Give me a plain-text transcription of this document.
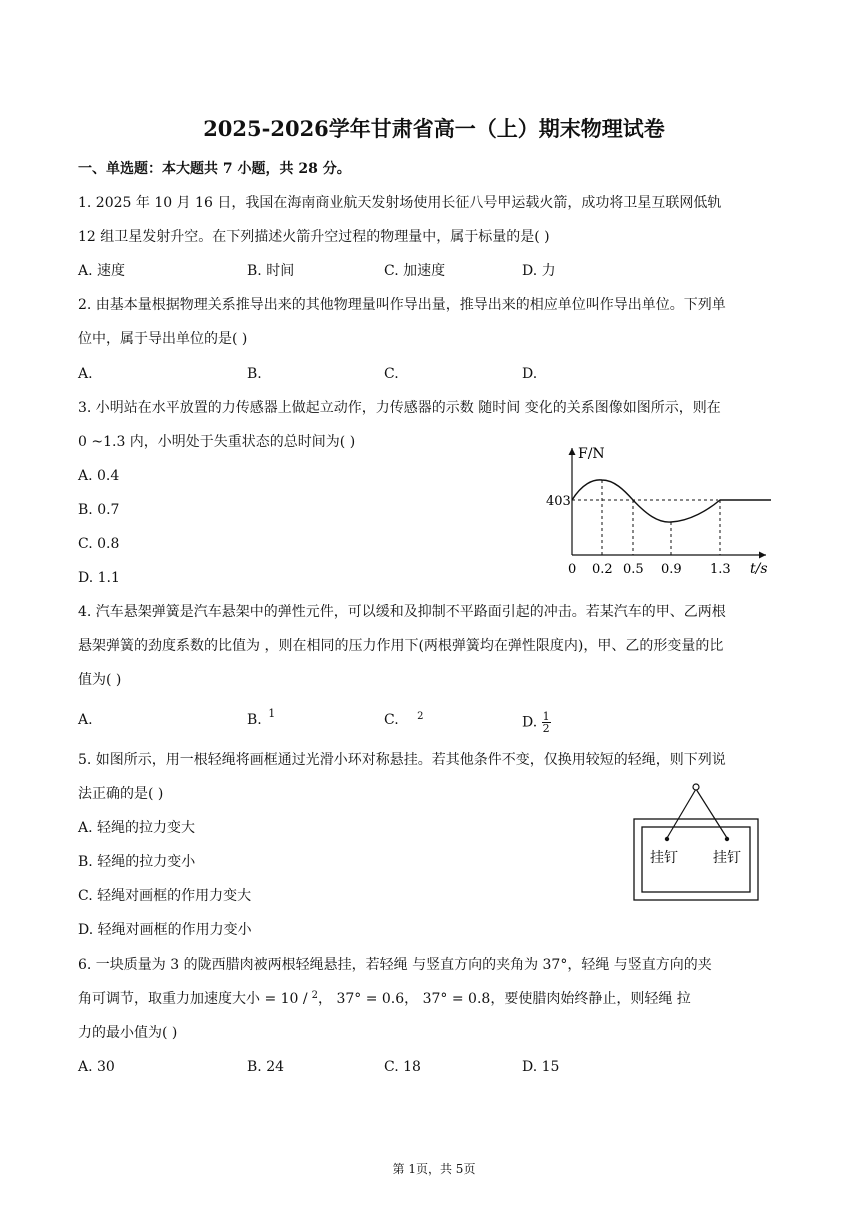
2025-2026学年甘肃省高一（上）期末物理试卷
一、单选题：本大题共 7 小题，共 28 分。
1. 2025 年 10 月 16 日，我国在海南商业航天发射场使用长征八号甲运载火箭，成功将卫星互联网低轨
12 组卫星发射升空。在下列描述火箭升空过程的物理量中，属于标量的是( )
A. 速度	B. 时间	C. 加速度	D. 力
2. 由基本量根据物理关系推导出来的其他物理量叫作导出量，推导出来的相应单位叫作导出单位。下列单
位中，属于导出单位的是( )
A.	B.	C.	D.
3. 小明站在水平放置的力传感器上做起立动作，力传感器的示数 随时间 变化的关系图像如图所示，则在
0 ~1.3 内，小明处于失重状态的总时间为( )
A. 0.4
B. 0.7
C. 0.8
D. 1.1
F/N
t/s
403
0 0.2 0.5 0.9 1.3
4. 汽车悬架弹簧是汽车悬架中的弹性元件，可以缓和及抑制不平路面引起的冲击。若某汽车的甲、乙两根
悬架弹簧的劲度系数的比值为 ，则在相同的压力作用下(两根弹簧均在弹性限度内)，甲、乙的形变量的比
值为( )
A.	B. $^1$	C. $^2$	D. $\frac{1}{2}$
5. 如图所示，用一根轻绳将画框通过光滑小环对称悬挂。若其他条件不变，仅换用较短的轻绳，则下列说
法正确的是( )
A. 轻绳的拉力变大
B. 轻绳的拉力变小
C. 轻绳对画框的作用力变大
D. 轻绳对画框的作用力变小
挂钉	挂钉
6. 一块质量为 3 的陇西腊肉被两根轻绳悬挂，若轻绳 与竖直方向的夹角为 37°，轻绳 与竖直方向的夹
角可调节，取重力加速度大小 = 10 / $^2$， 37° = 0.6， 37° = 0.8，要使腊肉始终静止，则轻绳 拉
力的最小值为( )
A. 30	B. 24	C. 18	D. 15
第 1页，共 5页
